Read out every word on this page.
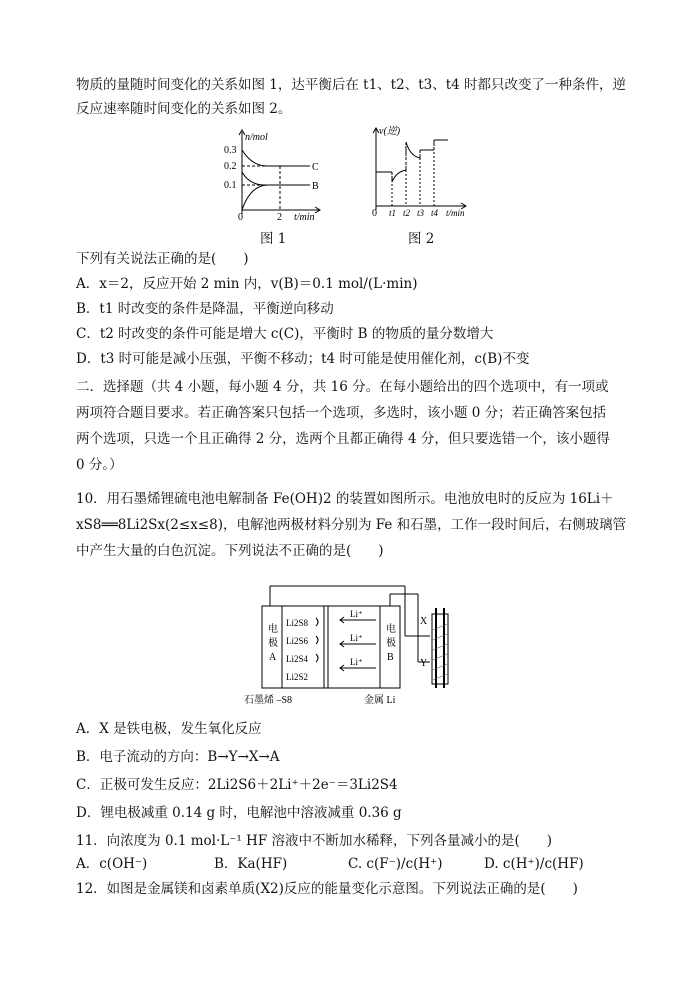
物质的量随时间变化的关系如图 1，达平衡后在 t1、t2、t3、t4 时都只改变了一种条件，逆
反应速率随时间变化的关系如图 2。
0.3
0.2
0.1
n/mol
0	2 t/min
C
B
图 1
v(逆)
0 t1 t2 t3 t4 t/min
图 2
下列有关说法正确的是(　　)
A．x＝2，反应开始 2 min 内，v(B)＝0.1 mol/(L·min)
B．t1 时改变的条件是降温，平衡逆向移动
C．t2 时改变的条件可能是增大 c(C)，平衡时 B 的物质的量分数增大
D．t3 时可能是减小压强，平衡不移动；t4 时可能是使用催化剂，c(B)不变
二．选择题（共 4 小题，每小题 4 分，共 16 分。在每小题给出的四个选项中，有一项或
两项符合题目要求。若正确答案只包括一个选项，多选时，该小题 0 分；若正确答案包括
两个选项，只选一个且正确得 2 分，选两个且都正确得 4 分，但只要选错一个，该小题得
0 分。）
10．用石墨烯锂硫电池电解制备 Fe(OH)2 的装置如图所示。电池放电时的反应为 16Li＋
xS8══8Li2Sx(2≤x≤8)，电解池两极材料分别为 Fe 和石墨，工作一段时间后，右侧玻璃管
中产生大量的白色沉淀。下列说法不正确的是(　　)
电
极
A
电
极
B
Li2S8
Li2S6
Li2S4
Li2S2
Li⁺
Li⁺
Li⁺
X
Y
石墨烯 –S8	金属 Li
A．X 是铁电极，发生氧化反应
B．电子流动的方向：B→Y→X→A
C．正极可发生反应：2Li2S6＋2Li⁺＋2e⁻＝3Li2S4
D．锂电极减重 0.14 g 时，电解池中溶液减重 0.36 g
11．向浓度为 0.1 mol·L⁻¹ HF 溶液中不断加水稀释，下列各量减小的是(　　)
A．c(OH⁻)	B．Ka(HF)	C. c(F⁻)/c(H⁺)	D. c(H⁺)/c(HF)
12．如图是金属镁和卤素单质(X2)反应的能量变化示意图。下列说法正确的是(　　)
